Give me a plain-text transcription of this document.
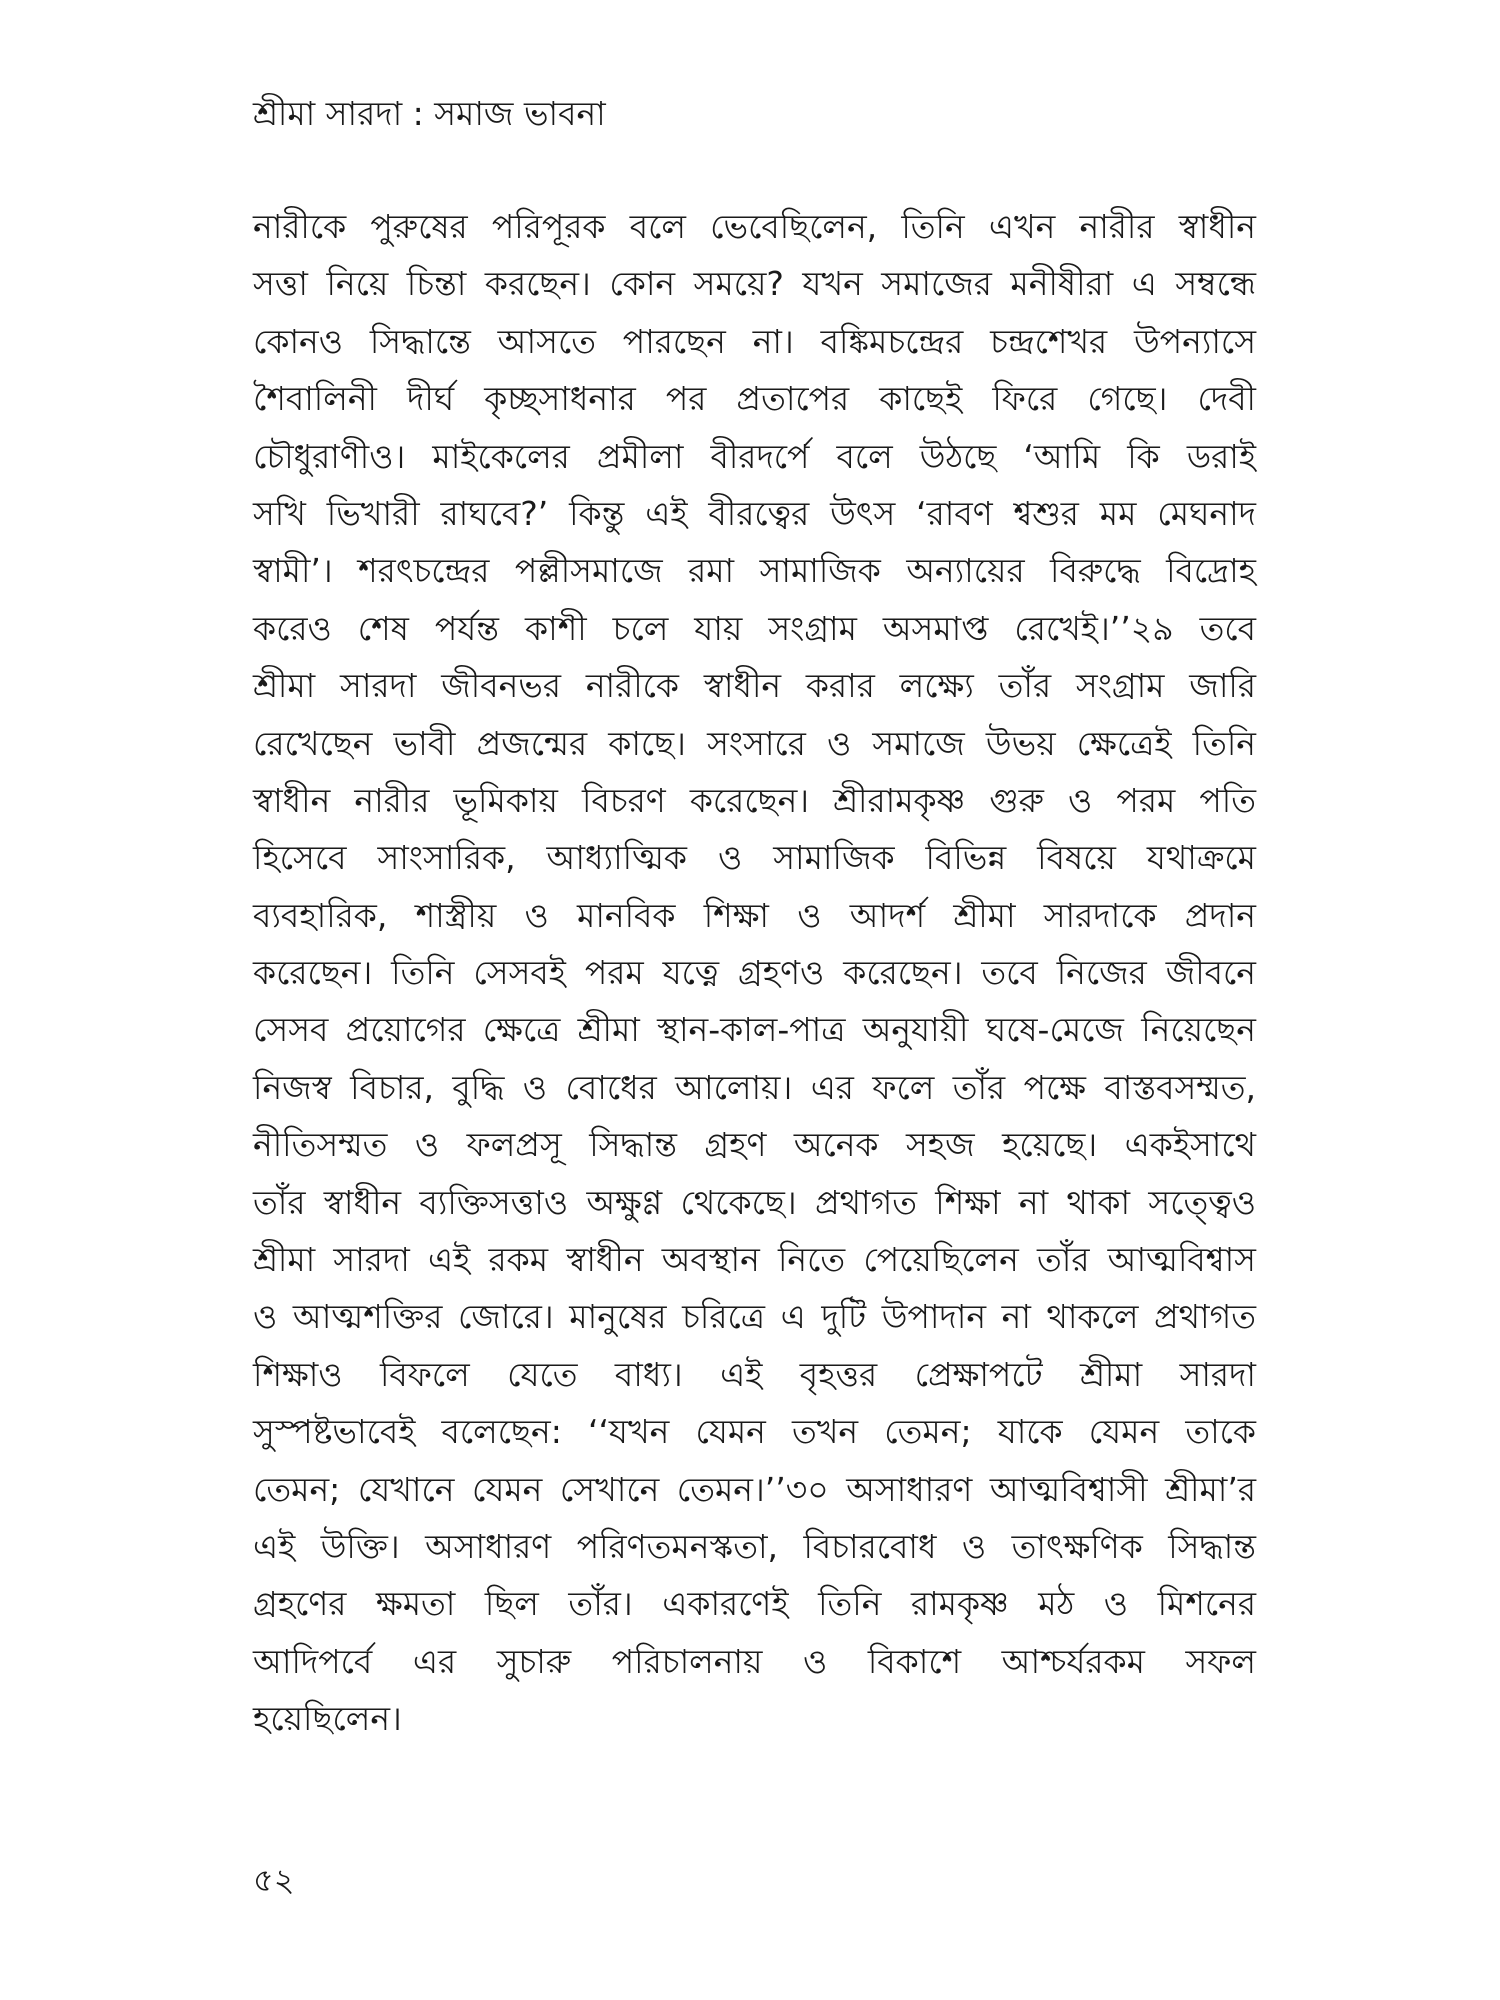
শ্রীমা সারদা : সমাজ ভাবনা
নারীকে পুরুষের পরিপূরক বলে ভেবেছিলেন, তিনি এখন নারীর স্বাধীন
সত্তা নিয়ে চিন্তা করছেন। কোন সময়ে? যখন সমাজের মনীষীরা এ সম্বন্ধে
কোনও সিদ্ধান্তে আসতে পারছেন না। বঙ্কিমচন্দ্রের চন্দ্রশেখর উপন্যাসে
শৈবালিনী দীর্ঘ কৃচ্ছসাধনার পর প্রতাপের কাছেই ফিরে গেছে। দেবী
চৌধুরাণীও। মাইকেলের প্রমীলা বীরদর্পে বলে উঠছে ‘আমি কি ডরাই
সখি ভিখারী রাঘবে?’ কিন্তু এই বীরত্বের উৎস ‘রাবণ শ্বশুর মম মেঘনাদ
স্বামী’। শরৎচন্দ্রের পল্লীসমাজে রমা সামাজিক অন্যায়ের বিরুদ্ধে বিদ্রোহ
করেও শেষ পর্যন্ত কাশী চলে যায় সংগ্রাম অসমাপ্ত রেখেই।’’২৯ তবে
শ্রীমা সারদা জীবনভর নারীকে স্বাধীন করার লক্ষ্যে তাঁর সংগ্রাম জারি
রেখেছেন ভাবী প্রজন্মের কাছে। সংসারে ও সমাজে উভয় ক্ষেত্রেই তিনি
স্বাধীন নারীর ভূমিকায় বিচরণ করেছেন। শ্রীরামকৃষ্ণ গুরু ও পরম পতি
হিসেবে সাংসারিক, আধ্যাত্মিক ও সামাজিক বিভিন্ন বিষয়ে যথাক্রমে
ব্যবহারিক, শাস্ত্রীয় ও মানবিক শিক্ষা ও আদর্শ শ্রীমা সারদাকে প্রদান
করেছেন। তিনি সেসবই পরম যত্নে গ্রহণও করেছেন। তবে নিজের জীবনে
সেসব প্রয়োগের ক্ষেত্রে শ্রীমা স্থান-কাল-পাত্র অনুযায়ী ঘষে-মেজে নিয়েছেন
নিজস্ব বিচার, বুদ্ধি ও বোধের আলোয়। এর ফলে তাঁর পক্ষে বাস্তবসম্মত,
নীতিসম্মত ও ফলপ্রসূ সিদ্ধান্ত গ্রহণ অনেক সহজ হয়েছে। একইসাথে
তাঁর স্বাধীন ব্যক্তিসত্তাও অক্ষুণ্ণ থেকেছে। প্রথাগত শিক্ষা না থাকা সত্ত্বেও
শ্রীমা সারদা এই রকম স্বাধীন অবস্থান নিতে পেয়েছিলেন তাঁর আত্মবিশ্বাস
ও আত্মশক্তির জোরে। মানুষের চরিত্রে এ দুটি উপাদান না থাকলে প্রথাগত
শিক্ষাও বিফলে যেতে বাধ্য। এই বৃহত্তর প্রেক্ষাপটে শ্রীমা সারদা
সুস্পষ্টভাবেই বলেছেন: ‘‘যখন যেমন তখন তেমন; যাকে যেমন তাকে
তেমন; যেখানে যেমন সেখানে তেমন।’’৩০ অসাধারণ আত্মবিশ্বাসী শ্রীমা’র
এই উক্তি। অসাধারণ পরিণতমনস্কতা, বিচারবোধ ও তাৎক্ষণিক সিদ্ধান্ত
গ্রহণের ক্ষমতা ছিল তাঁর। একারণেই তিনি রামকৃষ্ণ মঠ ও মিশনের
আদিপর্বে এর সুচারু পরিচালনায় ও বিকাশে আশ্চর্যরকম সফল
হয়েছিলেন।
৫২
